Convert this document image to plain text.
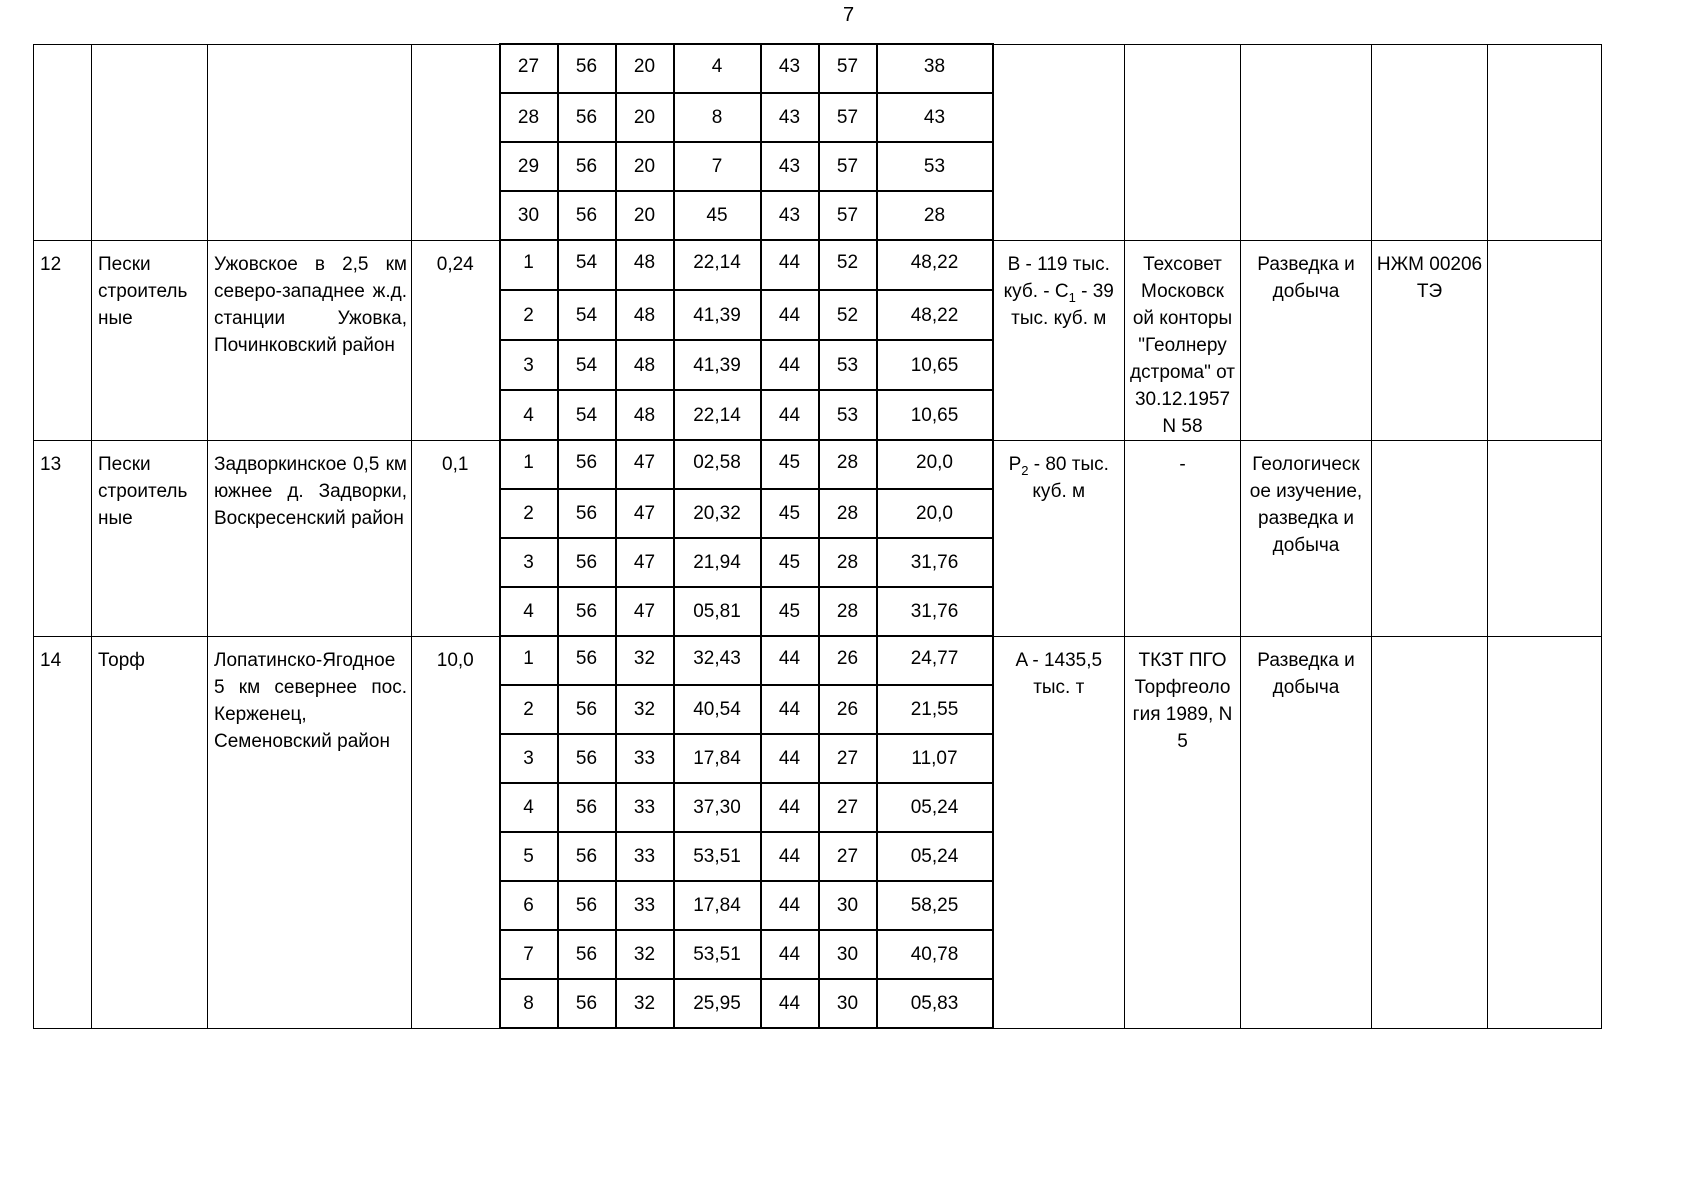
7
				27	56	20	4	43	57	38					
				28	56	20	8	43	57	43					
				29	56	20	7	43	57	53					
				30	56	20	45	43	57	28					
12	Пески строитель ные	Ужовское в 2,5 км северо-западнее ж.д. станции Ужовка, Починковский район	0,24	1	54	48	22,14	44	52	48,22	B - 119 тыс. куб. - $C_1 - 39$ тыс. куб. м	Техсовет Московск ой конторы "Геолнеру дстрома" от 30.12.1957 N 58	Разведка и добыча	НЖМ 00206 ТЭ	
				2	54	48	41,39	44	52	48,22					
				3	54	48	41,39	44	53	10,65					
				4	54	48	22,14	44	53	10,65					
13	Пески строитель ные	Задворкинское 0,5 км южнее д. Задворки, Воскресенский район	0,1	1	56	47	02,58	45	28	20,0	$P_2 - 80$ тыс. куб. м	-	Геологическ ое изучение, разведка и добыча		
				2	56	47	20,32	45	28	20,0					
				3	56	47	21,94	45	28	31,76					
				4	56	47	05,81	45	28	31,76					
14	Торф	Лопатинско-Ягодное 5 км севернее пос. Керженец, Семеновский район	10,0	1	56	32	32,43	44	26	24,77	A - 1435,5 тыс. т	ТКЗТ ПГО Торфгеоло гия 1989, N 5	Разведка и добыча		
				2	56	32	40,54	44	26	21,55					
				3	56	33	17,84	44	27	11,07					
				4	56	33	37,30	44	27	05,24					
				5	56	33	53,51	44	27	05,24					
				6	56	33	17,84	44	30	58,25					
				7	56	32	53,51	44	30	40,78					
				8	56	32	25,95	44	30	05,83					
